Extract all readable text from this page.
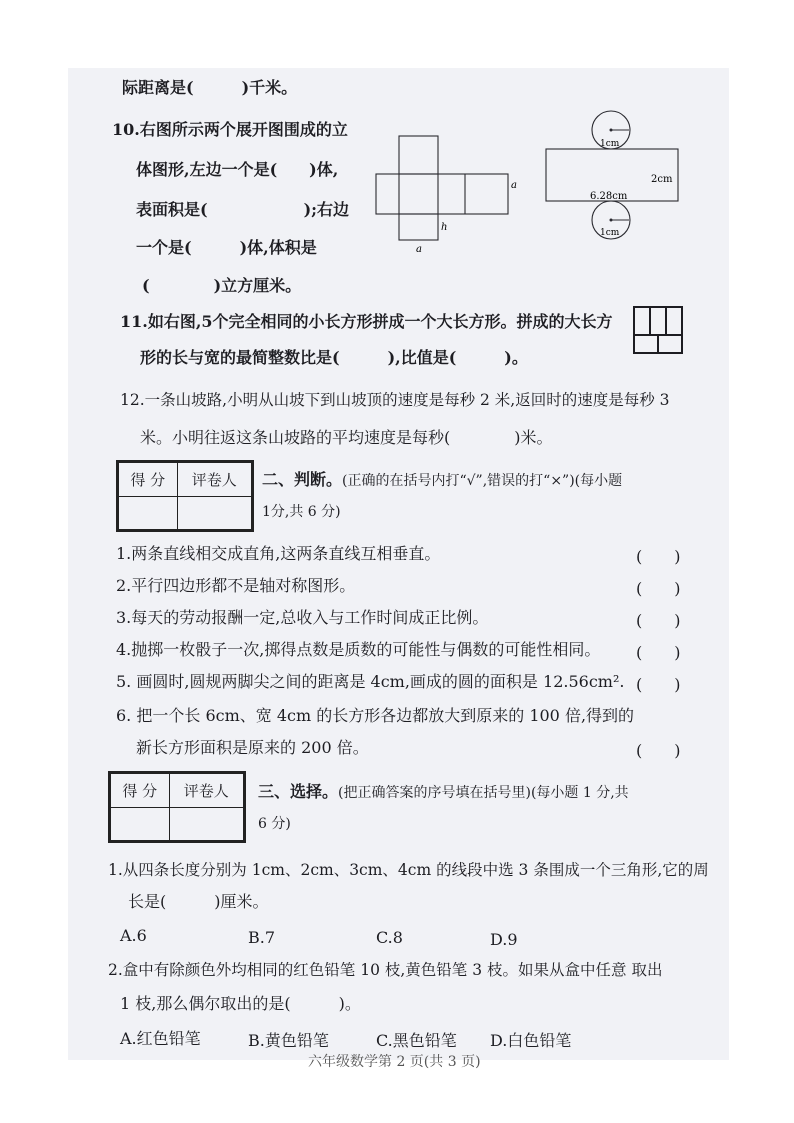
际距离是(　　　)千米。
10.右图所示两个展开图围成的立
体图形,左边一个是(　　)体,
表面积是(　　　　　　);右边
一个是(　　　)体,体积是
(　　　　)立方厘米。
a
h
a
1cm
2cm
6.28cm
1cm
11.如右图,5个完全相同的小长方形拼成一个大长方形。拼成的大长方
形的长与宽的最简整数比是(　　　),比值是(　　　)。
12.一条山坡路,小明从山坡下到山坡顶的速度是每秒 2 米,返回时的速度是每秒 3
米。小明往返这条山坡路的平均速度是每秒(　　　　)米。
得 分	评卷人
	二、判断。(正确的在括号内打“√”,错误的打“×”)(每小题
1分,共 6 分)
1.两条直线相交成直角,这两条直线互相垂直。	(　　)
2.平行四边形都不是轴对称图形。	(　　)
3.每天的劳动报酬一定,总收入与工作时间成正比例。	(　　)
4.抛掷一枚骰子一次,掷得点数是质数的可能性与偶数的可能性相同。 (　　)
5. 画圆时,圆规两脚尖之间的距离是 4cm,画成的圆的面积是 12.56cm². (　　)
6. 把一个长 6cm、宽 4cm 的长方形各边都放大到原来的 100 倍,得到的
新长方形面积是原来的 200 倍。	(　　)
得 分	评卷人
	三、选择。(把正确答案的序号填在括号里)(每小题 1 分,共
6 分)
1.从四条长度分别为 1cm、2cm、3cm、4cm 的线段中选 3 条围成一个三角形,它的周
长是(　　　)厘米。
A.6	B.7	C.8	D.9
2.盒中有除颜色外均相同的红色铅笔 10 枝,黄色铅笔 3 枝。如果从盒中任意 取出
1 枝,那么偶尔取出的是(　　　)。
A.红色铅笔	B.黄色铅笔	C.黑色铅笔 D.白色铅笔
六年级数学第 2 页(共 3 页)
